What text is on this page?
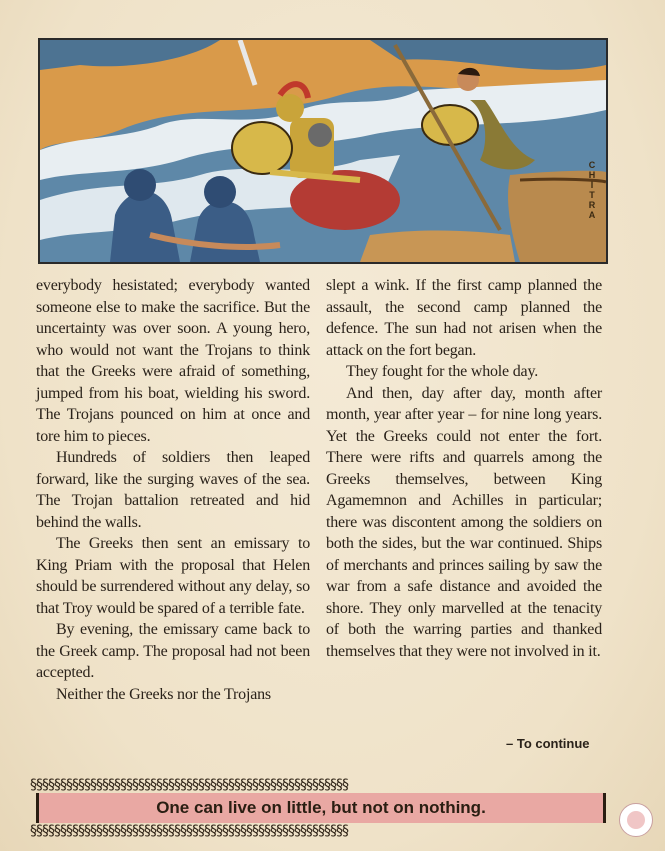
C
H
I
T
R
A

everybody hesistated; everybody wanted someone else to make the sacrifice. But the uncertainty was over soon. A young hero, who would not want the Trojans to think that the Greeks were afraid of something, jumped from his boat, wielding his sword. The Trojans pounced on him at once and tore him to pieces.

Hundreds of soldiers then leaped forward, like the surging waves of the sea. The Trojan battalion retreated and hid behind the walls.

The Greeks then sent an emissary to King Priam with the proposal that Helen should be surrendered without any delay, so that Troy would be spared of a terrible fate.

By evening, the emissary came back to the Greek camp. The proposal had not been accepted.

Neither the Greeks nor the Trojans

slept a wink. If the first camp planned the assault, the second camp planned the defence. The sun had not arisen when the attack on the fort began.

They fought for the whole day.

And then, day after day, month after month, year after year – for nine long years. Yet the Greeks could not enter the fort. There were rifts and quarrels among the Greeks themselves, between King Agamemnon and Achilles in particular; there was discontent among the soldiers on both the sides, but the war continued. Ships of merchants and princes sailing by saw the war from a safe distance and avoided the shore. They only marvelled at the tenacity of both the warring parties and thanked themselves that they were not involved in it.

– To continue
§§§§§§§§§§§§§§§§§§§§§§§§§§§§§§§§§§§§§§§§§§§§§§§§§§§§§
One can live on little, but not on nothing.
§§§§§§§§§§§§§§§§§§§§§§§§§§§§§§§§§§§§§§§§§§§§§§§§§§§§§
